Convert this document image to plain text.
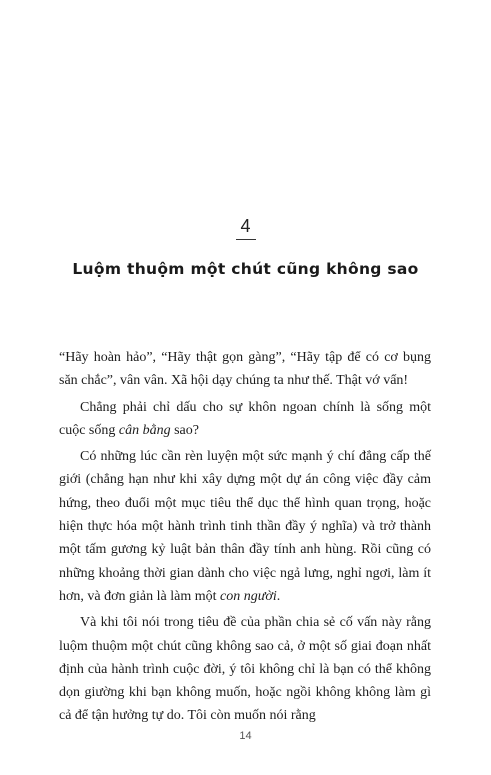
4
Luộm thuộm một chút cũng không sao

“Hãy hoàn hảo”, “Hãy thật gọn gàng”, “Hãy tập để có cơ bụng săn chắc”, vân vân. Xã hội dạy chúng ta như thế. Thật vớ vẩn!

Chẳng phải chỉ dấu cho sự khôn ngoan chính là sống một cuộc sống cân bằng sao?

Có những lúc cần rèn luyện một sức mạnh ý chí đẳng cấp thế giới (chẳng hạn như khi xây dựng một dự án công việc đầy cảm hứng, theo đuổi một mục tiêu thể dục thể hình quan trọng, hoặc hiện thực hóa một hành trình tinh thần đầy ý nghĩa) và trở thành một tấm gương kỷ luật bản thân đầy tính anh hùng. Rồi cũng có những khoảng thời gian dành cho việc ngả lưng, nghỉ ngơi, làm ít hơn, và đơn giản là làm một con người.

Và khi tôi nói trong tiêu đề của phần chia sẻ cố vấn này rằng luộm thuộm một chút cũng không sao cả, ở một số giai đoạn nhất định của hành trình cuộc đời, ý tôi không chỉ là bạn có thể không dọn giường khi bạn không muốn, hoặc ngồi không không làm gì cả để tận hưởng tự do. Tôi còn muốn nói rằng

14
